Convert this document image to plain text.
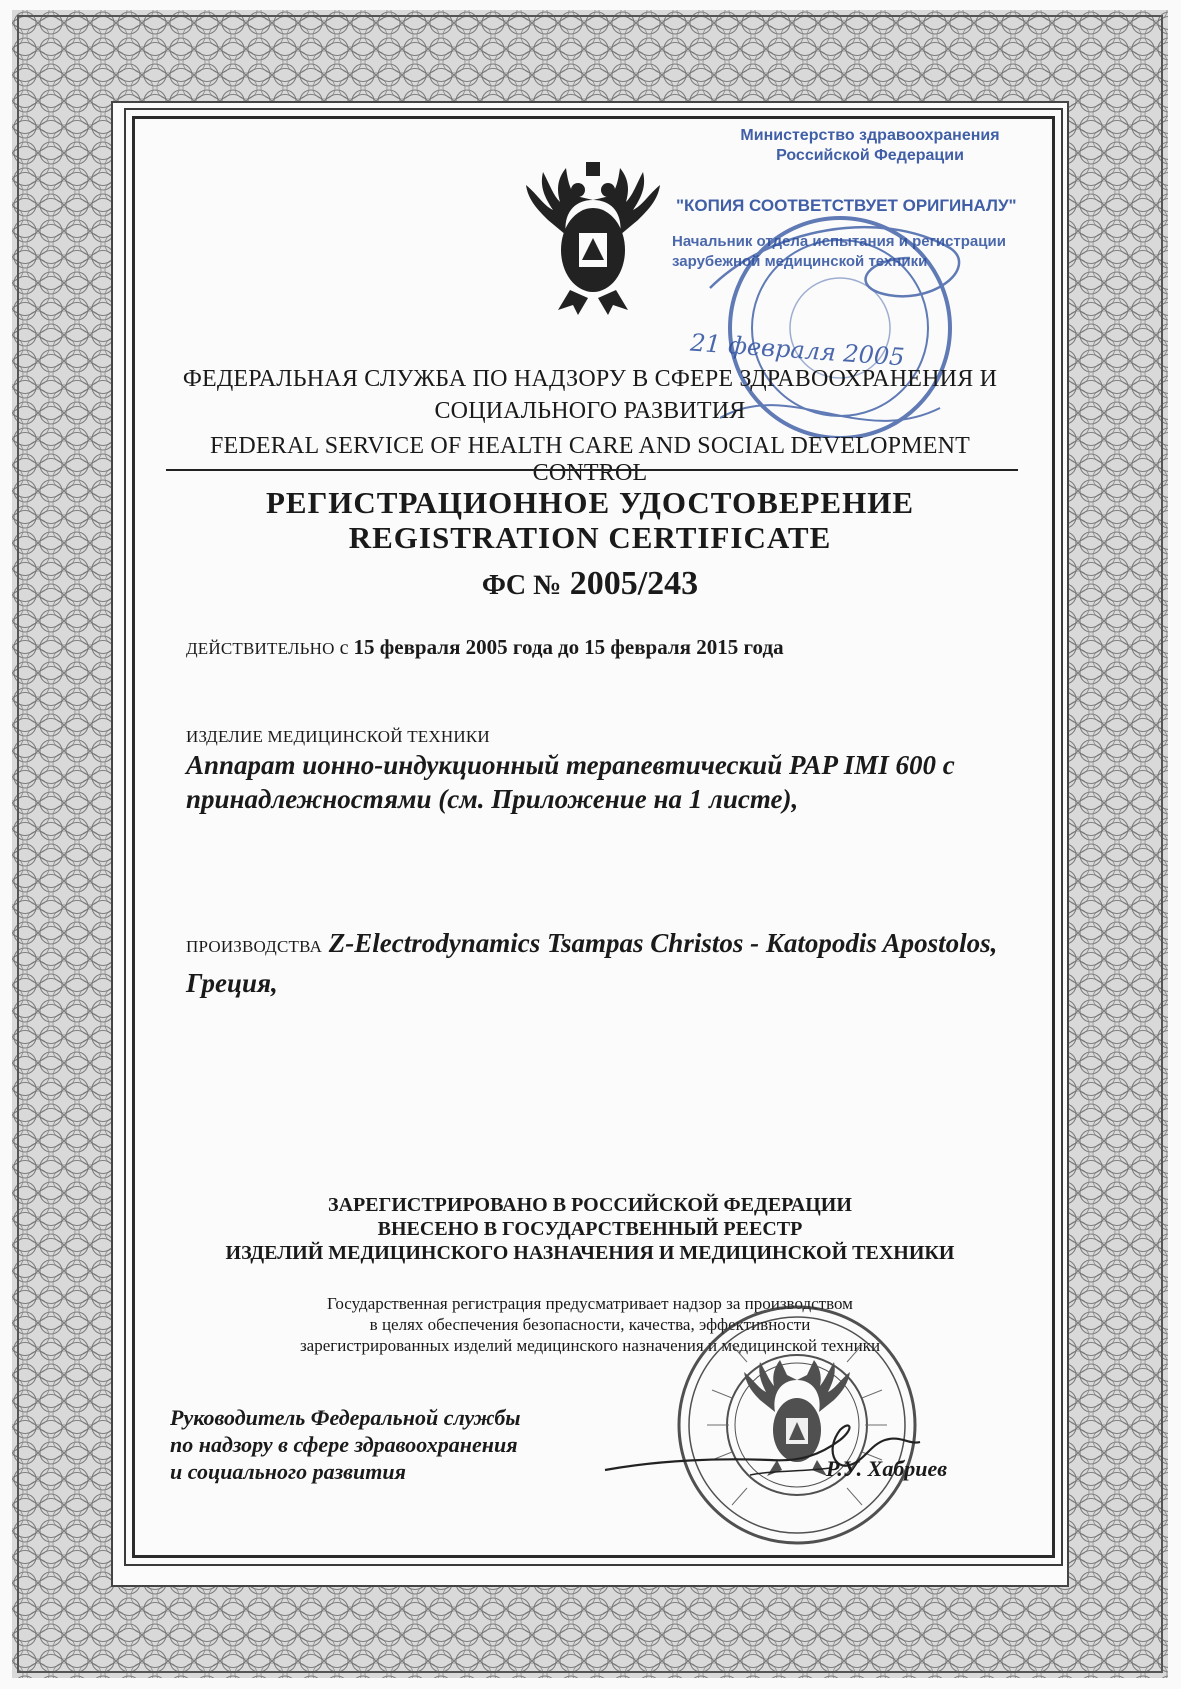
Министерство здравоохранения Российской Федерации
"КОПИЯ СООТВЕТСТВУЕТ ОРИГИНАЛУ"
Начальник отдела испытания и регистрации зарубежной медицинской техники
21 февраля 2005
ФЕДЕРАЛЬНАЯ СЛУЖБА ПО НАДЗОРУ В СФЕРЕ ЗДРАВООХРАНЕНИЯ И СОЦИАЛЬНОГО РАЗВИТИЯ
FEDERAL SERVICE OF HEALTH CARE AND SOCIAL DEVELOPMENT CONTROL
РЕГИСТРАЦИОННОЕ УДОСТОВЕРЕНИЕ
REGISTRATION CERTIFICATE
ФС № 2005/243
ДЕЙСТВИТЕЛЬНО с 15 февраля 2005 года до 15 февраля 2015 года
ИЗДЕЛИЕ МЕДИЦИНСКОЙ ТЕХНИКИ
Аппарат ионно-индукционный терапевтический PAP IMI 600 с принадлежностями (см. Приложение на 1 листе),
ПРОИЗВОДСТВА Z-Electrodynamics Tsampas Christos - Katopodis Apostolos, Греция,
ЗАРЕГИСТРИРОВАНО В РОССИЙСКОЙ ФЕДЕРАЦИИ
ВНЕСЕНО В ГОСУДАРСТВЕННЫЙ РЕЕСТР
ИЗДЕЛИЙ МЕДИЦИНСКОГО НАЗНАЧЕНИЯ И МЕДИЦИНСКОЙ ТЕХНИКИ
Государственная регистрация предусматривает надзор за производством
в целях обеспечения безопасности, качества, эффективности
зарегистрированных изделий медицинского назначения и медицинской техники
Руководитель Федеральной службы
по надзору в сфере здравоохранения
и социального развития	Р.У. Хабриев
